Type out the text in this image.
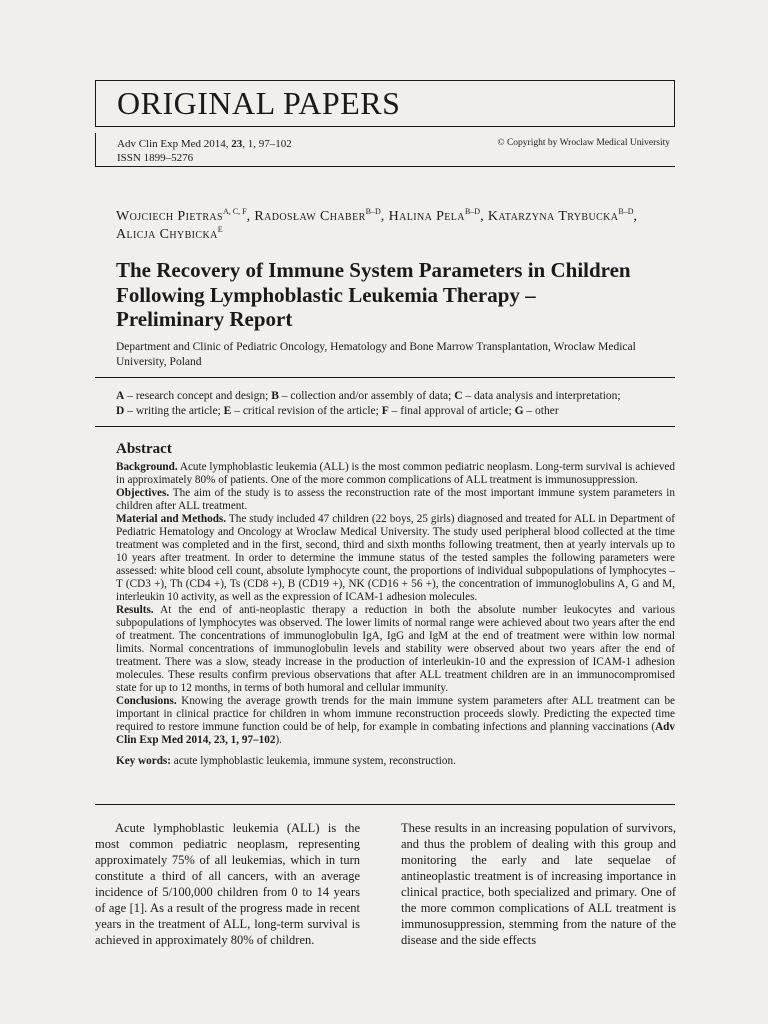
ORIGINAL PAPERS
Adv Clin Exp Med 2014, 23, 1, 97–102
ISSN 1899–5276
© Copyright by Wroclaw Medical University
Wojciech Pietras$^{A, C, F}$, Radosław Chaber$^{B-D}$, Halina Pela$^{B-D}$, Katarzyna Trybucka$^{B-D}$, Alicja Chybicka$^E$
The Recovery of Immune System Parameters in Children Following Lymphoblastic Leukemia Therapy – Preliminary Report
Department and Clinic of Pediatric Oncology, Hematology and Bone Marrow Transplantation, Wroclaw Medical University, Poland
A – research concept and design; B – collection and/or assembly of data; C – data analysis and interpretation;
D – writing the article; E – critical revision of the article; F – final approval of article; G – other
Abstract

Background. Acute lymphoblastic leukemia (ALL) is the most common pediatric neoplasm. Long-term survival is achieved in approximately 80% of patients. One of the more common complications of ALL treatment is immunosuppression.

Objectives. The aim of the study is to assess the reconstruction rate of the most important immune system parameters in children after ALL treatment.

Material and Methods. The study included 47 children (22 boys, 25 girls) diagnosed and treated for ALL in Department of Pediatric Hematology and Oncology at Wroclaw Medical University. The study used peripheral blood collected at the time treatment was completed and in the first, second, third and sixth months following treatment, then at yearly intervals up to 10 years after treatment. In order to determine the immune status of the tested samples the following parameters were assessed: white blood cell count, absolute lymphocyte count, the proportions of individual subpopulations of lymphocytes – T (CD3 +), Th (CD4 +), Ts (CD8 +), B (CD19 +), NK (CD16 + 56 +), the concentration of immunoglobulins A, G and M, interleukin 10 activity, as well as the expression of ICAM-1 adhesion molecules.

Results. At the end of anti-neoplastic therapy a reduction in both the absolute number leukocytes and various subpopulations of lymphocytes was observed. The lower limits of normal range were achieved about two years after the end of treatment. The concentrations of immunoglobulin IgA, IgG and IgM at the end of treatment were within low normal limits. Normal concentrations of immunoglobulin levels and stability were observed about two years after the end of treatment. There was a slow, steady increase in the production of interleukin-10 and the expression of ICAM-1 adhesion molecules. These results confirm previous observations that after ALL treatment children are in an immunocompromised state for up to 12 months, in terms of both humoral and cellular immunity.

Conclusions. Knowing the average growth trends for the main immune system parameters after ALL treatment can be important in clinical practice for children in whom immune reconstruction proceeds slowly. Predicting the expected time required to restore immune function could be of help, for example in combating infections and planning vaccinations (Adv Clin Exp Med 2014, 23, 1, 97–102).

Key words: acute lymphoblastic leukemia, immune system, reconstruction.

Acute lymphoblastic leukemia (ALL) is the most common pediatric neoplasm, representing approximately 75% of all leukemias, which in turn constitute a third of all cancers, with an average incidence of 5/100,000 children from 0 to 14 years of age [1]. As a result of the progress made in recent years in the treatment of ALL, long-term survival is achieved in approximately 80% of children.

These results in an increasing population of survivors, and thus the problem of dealing with this group and monitoring the early and late sequelae of antineoplastic treatment is of increasing importance in clinical practice, both specialized and primary. One of the more common complications of ALL treatment is immunosuppression, stemming from the nature of the disease and the side effects
